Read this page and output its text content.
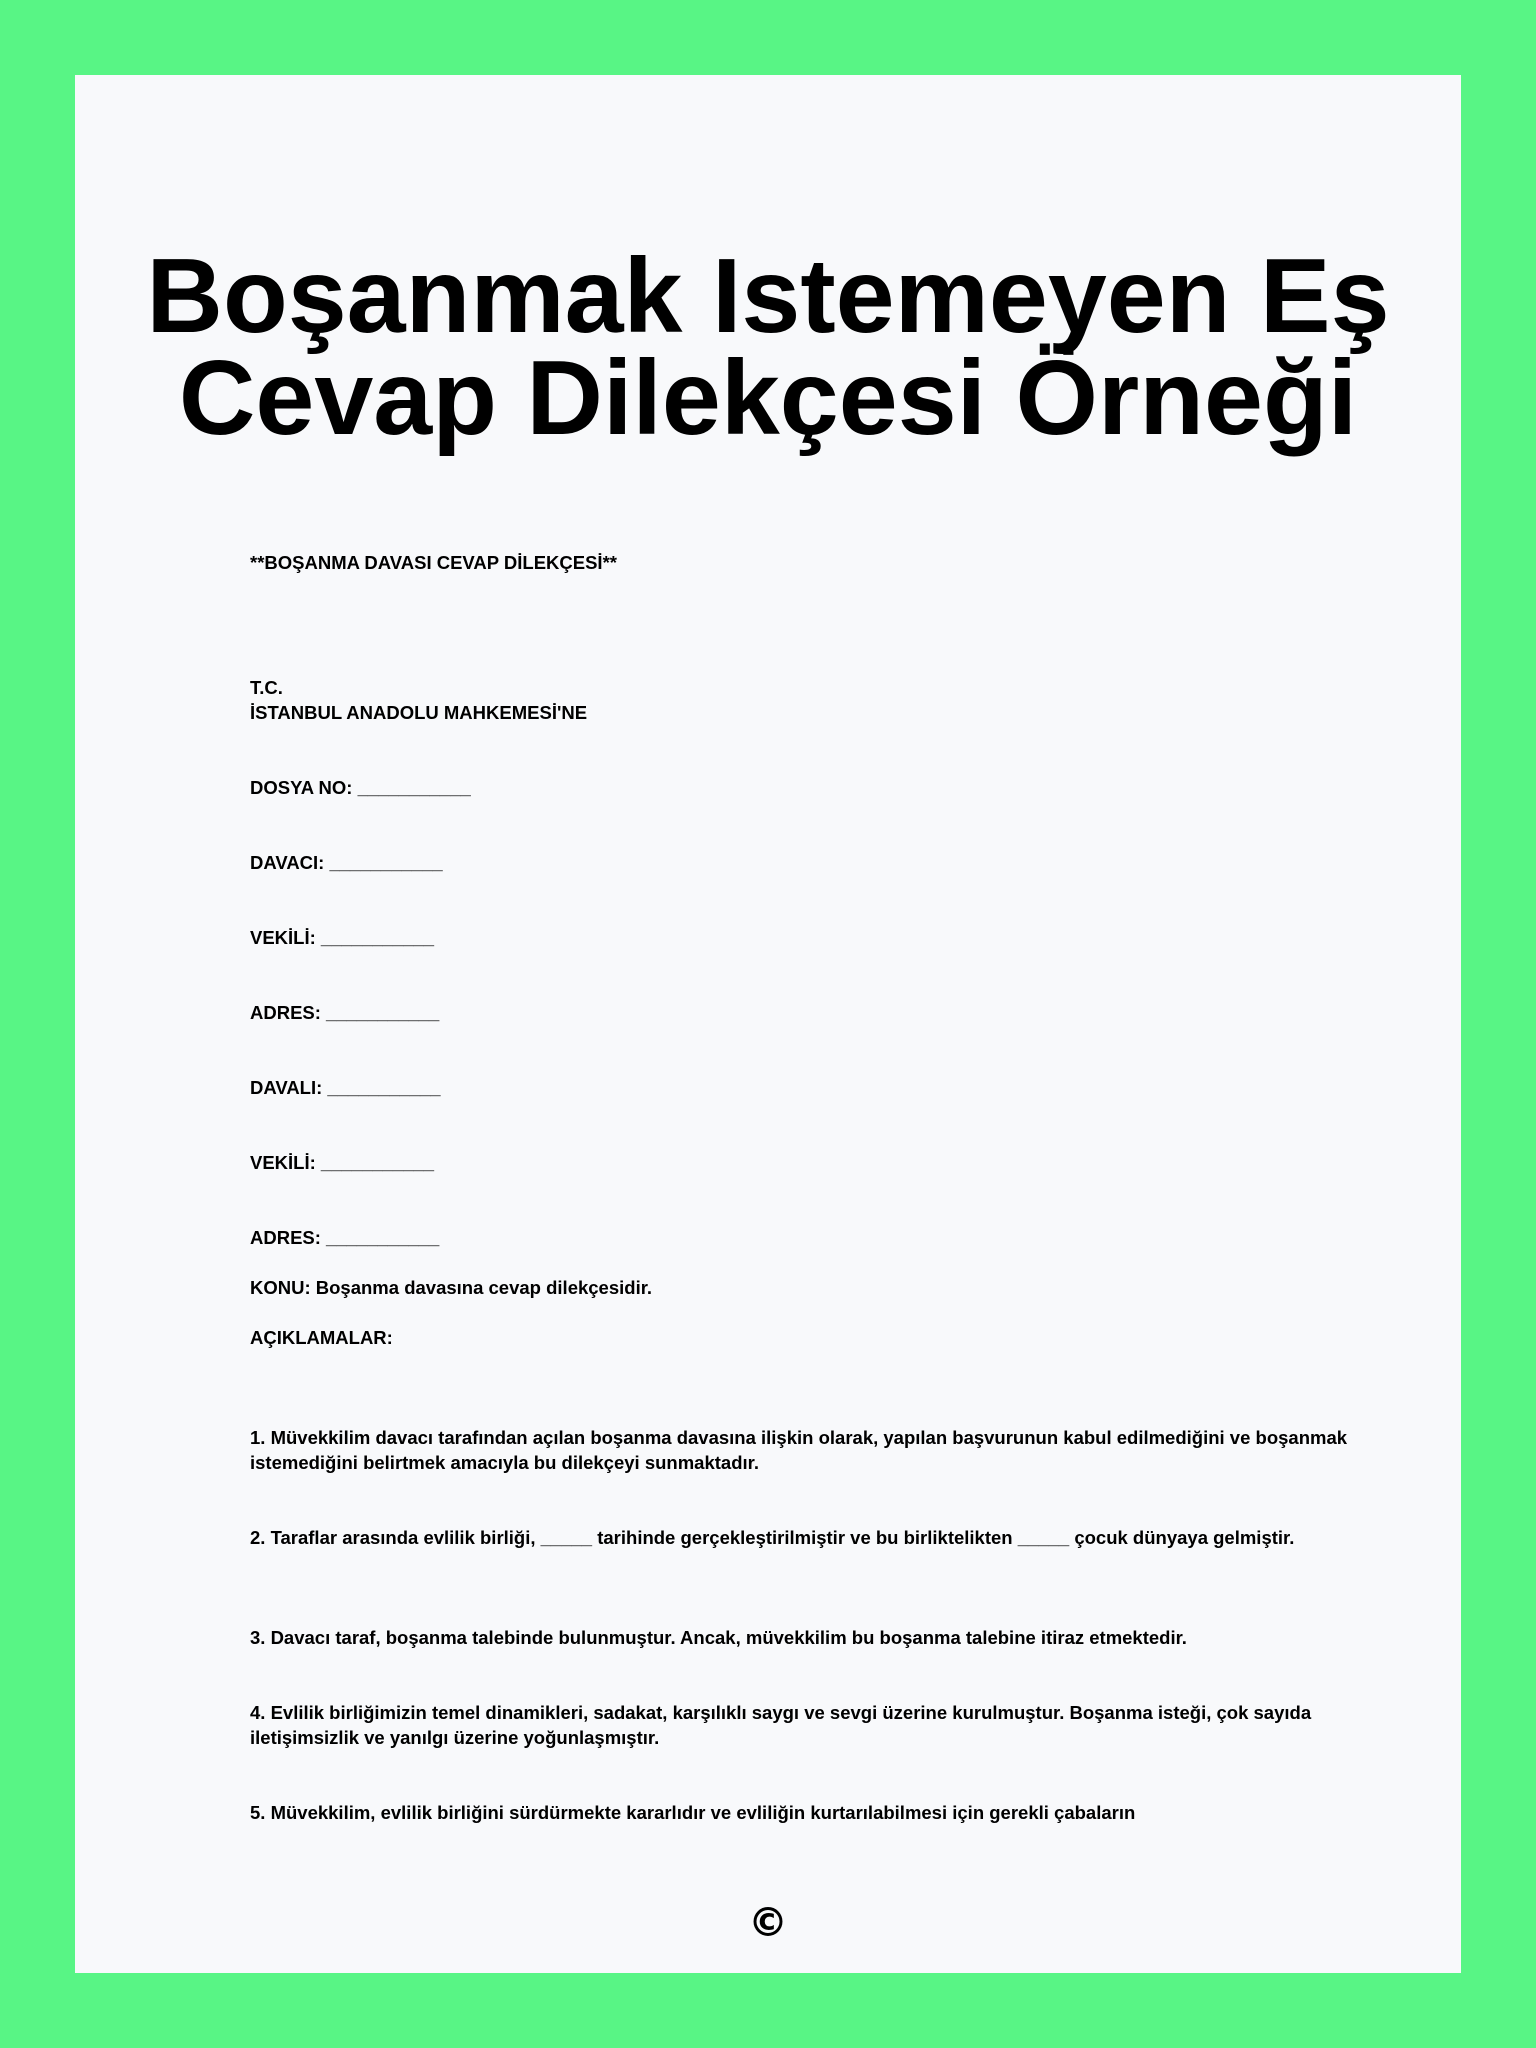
Boşanmak Istemeyen Eş
Cevap Dilekçesi Örneği
**BOŞANMA DAVASI CEVAP DİLEKÇESİ**
T.C.
İSTANBUL ANADOLU MAHKEMESİ'NE
DOSYA NO: ___________
DAVACI: ___________
VEKİLİ: ___________
ADRES: ___________
DAVALI: ___________
VEKİLİ: ___________
ADRES: ___________
KONU: Boşanma davasına cevap dilekçesidir.
AÇIKLAMALAR:
1. Müvekkilim davacı tarafından açılan boşanma davasına ilişkin olarak, yapılan başvurunun kabul edilmediğini ve boşanmak istemediğini belirtmek amacıyla bu dilekçeyi sunmaktadır.
2. Taraflar arasında evlilik birliği, _____ tarihinde gerçekleştirilmiştir ve bu birliktelikten _____ çocuk dünyaya gelmiştir.
3. Davacı taraf, boşanma talebinde bulunmuştur. Ancak, müvekkilim bu boşanma talebine itiraz etmektedir.
4. Evlilik birliğimizin temel dinamikleri, sadakat, karşılıklı saygı ve sevgi üzerine kurulmuştur. Boşanma isteği, çok sayıda iletişimsizlik ve yanılgı üzerine yoğunlaşmıştır.
5. Müvekkilim, evlilik birliğini sürdürmekte kararlıdır ve evliliğin kurtarılabilmesi için gerekli çabaların
©
